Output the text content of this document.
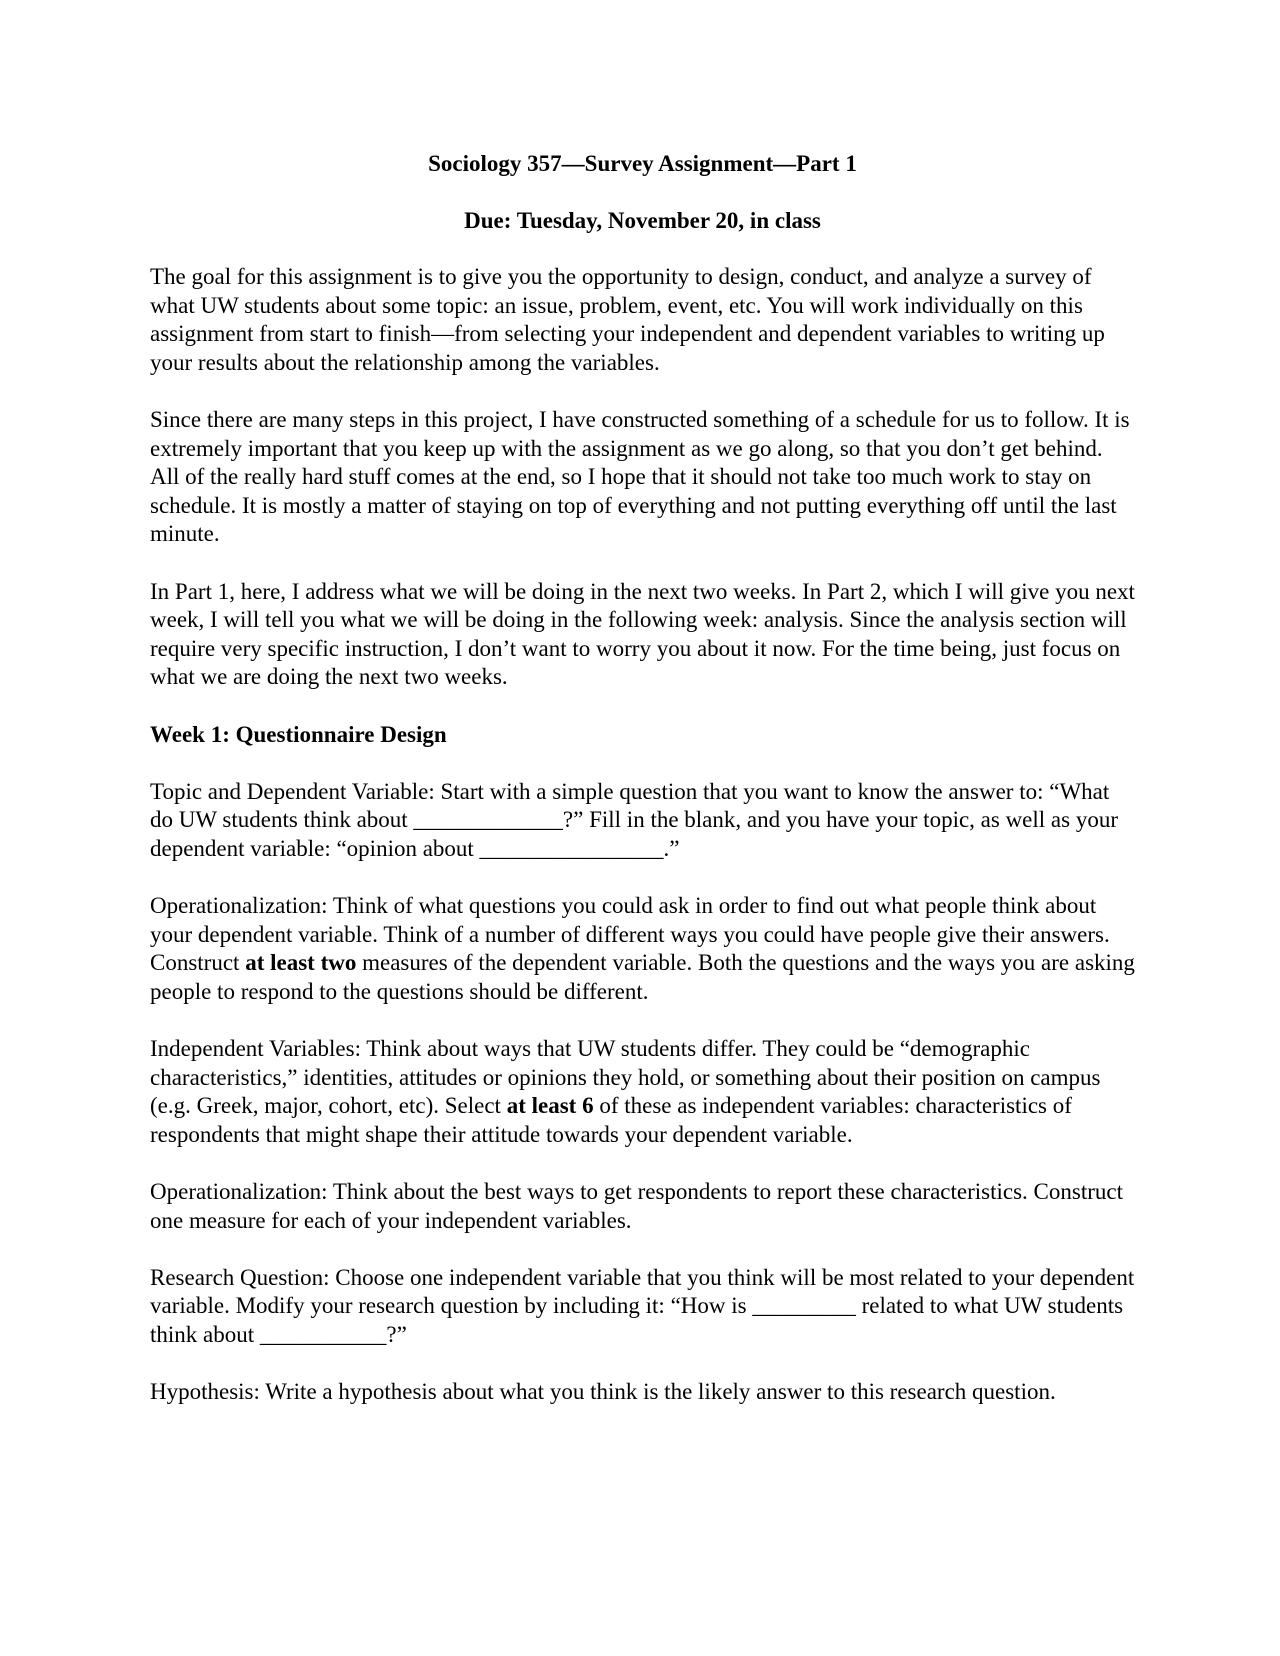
Sociology 357—Survey Assignment—Part 1
Due: Tuesday, November 20, in class

The goal for this assignment is to give you the opportunity to design, conduct, and analyze a survey of what UW students about some topic: an issue, problem, event, etc. You will work individually on this assignment from start to finish—from selecting your independent and dependent variables to writing up your results about the relationship among the variables.

Since there are many steps in this project, I have constructed something of a schedule for us to follow. It is extremely important that you keep up with the assignment as we go along, so that you don’t get behind. All of the really hard stuff comes at the end, so I hope that it should not take too much work to stay on schedule. It is mostly a matter of staying on top of everything and not putting everything off until the last minute.

In Part 1, here, I address what we will be doing in the next two weeks. In Part 2, which I will give you next week, I will tell you what we will be doing in the following week: analysis. Since the analysis section will require very specific instruction, I don’t want to worry you about it now. For the time being, just focus on what we are doing the next two weeks.

Week 1: Questionnaire Design

Topic and Dependent Variable: Start with a simple question that you want to know the answer to: “What do UW students think about _____________?” Fill in the blank, and you have your topic, as well as your dependent variable: “opinion about ________________.”

Operationalization: Think of what questions you could ask in order to find out what people think about your dependent variable. Think of a number of different ways you could have people give their answers. Construct at least two measures of the dependent variable. Both the questions and the ways you are asking people to respond to the questions should be different.

Independent Variables: Think about ways that UW students differ. They could be “demographic characteristics,” identities, attitudes or opinions they hold, or something about their position on campus (e.g. Greek, major, cohort, etc). Select at least 6 of these as independent variables: characteristics of respondents that might shape their attitude towards your dependent variable.

Operationalization: Think about the best ways to get respondents to report these characteristics. Construct one measure for each of your independent variables.

Research Question: Choose one independent variable that you think will be most related to your dependent variable. Modify your research question by including it: “How is _________ related to what UW students think about ___________?”

Hypothesis: Write a hypothesis about what you think is the likely answer to this research question.
